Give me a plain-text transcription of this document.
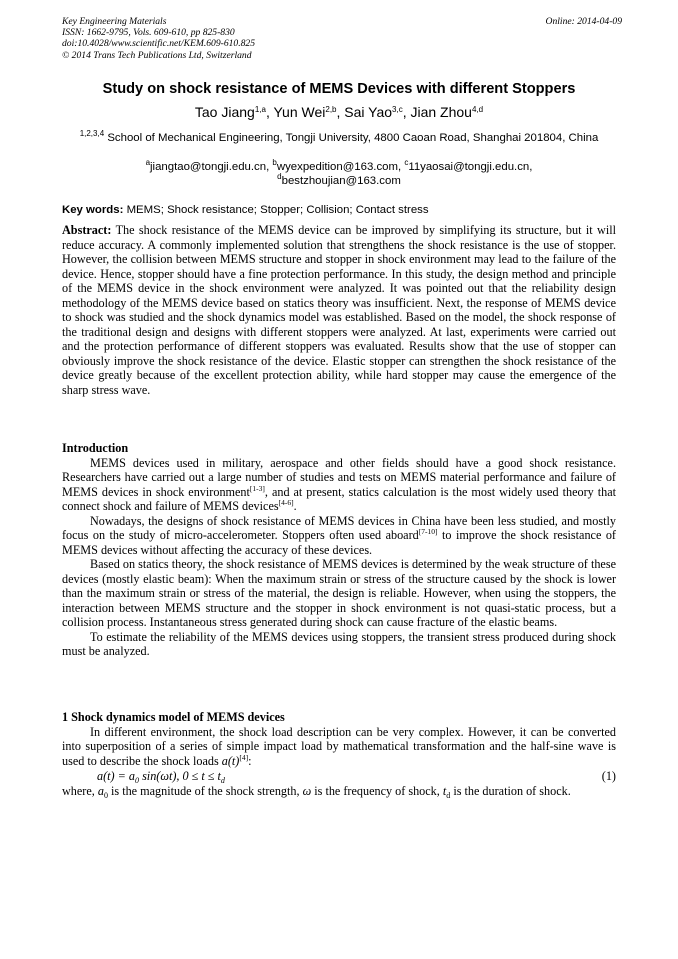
Key Engineering Materials
ISSN: 1662-9795, Vols. 609-610, pp 825-830
doi:10.4028/www.scientific.net/KEM.609-610.825
© 2014 Trans Tech Publications Ltd, Switzerland
Online: 2014-04-09
Study on shock resistance of MEMS Devices with different Stoppers
Tao Jiang$^{1,a}$, Yun Wei$^{2,b}$, Sai Yao$^{3,c}$, Jian Zhou$^{4,d}$
$^{1,2,3,4}$ School of Mechanical Engineering, Tongji University, 4800 Caoan Road, Shanghai 201804, China
$^a$jiangtao@tongji.edu.cn, $^b$wyexpedition@163.com, $^c$11yaosai@tongji.edu.cn,
$^d$bestzhoujian@163.com
Key words: MEMS; Shock resistance; Stopper; Collision; Contact stress
Abstract: The shock resistance of the MEMS device can be improved by simplifying its structure, but it will reduce accuracy. A commonly implemented solution that strengthens the shock resistance is the use of stopper. However, the collision between MEMS structure and stopper in shock environment may lead to the failure of the device. Hence, stopper should have a fine protection performance. In this study, the design method and principle of the MEMS device in the shock environment were analyzed. It was pointed out that the reliability design methodology of the MEMS device based on statics theory was insufficient. Next, the response of MEMS device to shock was studied and the shock dynamics model was established. Based on the model, the shock response of the traditional design and designs with different stoppers were analyzed. At last, experiments were carried out and the protection performance of different stoppers was evaluated. Results show that the use of stopper can obviously improve the shock resistance of the device. Elastic stopper can strengthen the shock resistance of the device greatly because of the excellent protection ability, while hard stopper may cause the emergence of the sharp stress wave.
Introduction

MEMS devices used in military, aerospace and other fields should have a good shock resistance. Researchers have carried out a large number of studies and tests on MEMS material performance and failure of MEMS devices in shock environment[1-3], and at present, statics calculation is the most widely used theory that connect shock and failure of MEMS devices[4-6].

Nowadays, the designs of shock resistance of MEMS devices in China have been less studied, and mostly focus on the study of micro-accelerometer. Stoppers often used aboard[7-10] to improve the shock resistance of MEMS devices without affecting the accuracy of these devices.

Based on statics theory, the shock resistance of MEMS devices is determined by the weak structure of these devices (mostly elastic beam): When the maximum strain or stress of the structure caused by the shock is lower than the maximum strain or stress of the material, the design is reliable. However, when using the stoppers, the interaction between MEMS structure and the stopper in shock environment is not quasi-static process, but a collision process. Instantaneous stress generated during shock can cause fracture of the elastic beams.

To estimate the reliability of the MEMS devices using stoppers, the transient stress produced during shock must be analyzed.

1 Shock dynamics model of MEMS devices

In different environment, the shock load description can be very complex. However, it can be converted into superposition of a series of simple impact load by mathematical transformation and the half-sine wave is used to describe the shock loads a(t)[4]:

$a(t) = a_0$ sin(ωt), $0 \le t \le t_d$	(1)

where, $a_0$ is the magnitude of the shock strength, ω is the frequency of shock, $t_d$ is the duration of shock.
